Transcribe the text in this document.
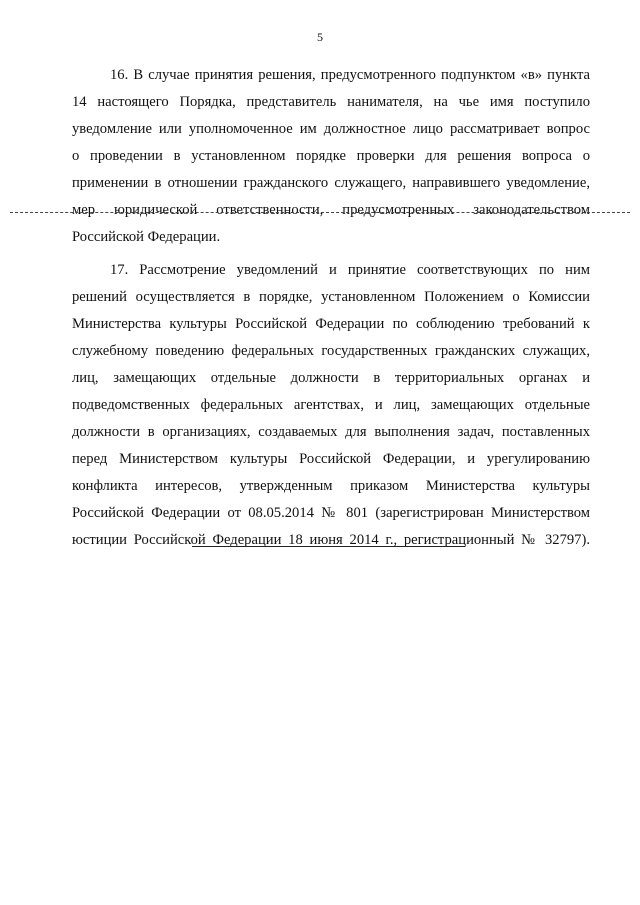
5
16. В случае принятия решения, предусмотренного подпунктом «в» пункта
14 настоящего Порядка, представитель нанимателя, на чье имя поступило
уведомление или уполномоченное им должностное лицо рассматривает вопрос
о проведении в установленном порядке проверки для решения вопроса о
применении в отношении гражданского служащего, направившего уведомление,
мер юридической ответственности, предусмотренных законодательством
Российской Федерации.
17. Рассмотрение уведомлений и принятие соответствующих по ним
решений осуществляется в порядке, установленном Положением о Комиссии
Министерства культуры Российской Федерации по соблюдению требований к
служебному поведению федеральных государственных гражданских служащих,
лиц, замещающих отдельные должности в территориальных органах и
подведомственных федеральных агентствах, и лиц, замещающих отдельные
должности в организациях, создаваемых для выполнения задач, поставленных
перед Министерством культуры Российской Федерации, и урегулированию
конфликта интересов, утвержденным приказом Министерства культуры
Российской Федерации от 08.05.2014 № 801 (зарегистрирован Министерством
юстиции Российской Федерации 18 июня 2014 г., регистрационный № 32797).
